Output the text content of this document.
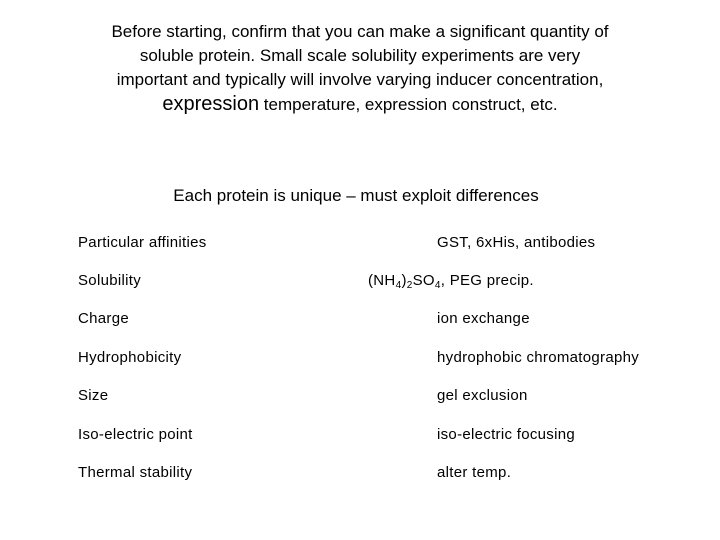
Before starting, confirm that you can make a significant quantity of
soluble protein. Small scale solubility experiments are very
important and typically will involve varying inducer concentration,
expression temperature, expression construct, etc.
Each protein is unique – must exploit differences
Particular affinities	GST, 6xHis, antibodies
Solubility	$(NH_4)_2SO_4$, PEG precip.
Charge	ion exchange
Hydrophobicity	hydrophobic chromatography
Size	gel exclusion
Iso-electric point	iso-electric focusing
Thermal stability	alter temp.
